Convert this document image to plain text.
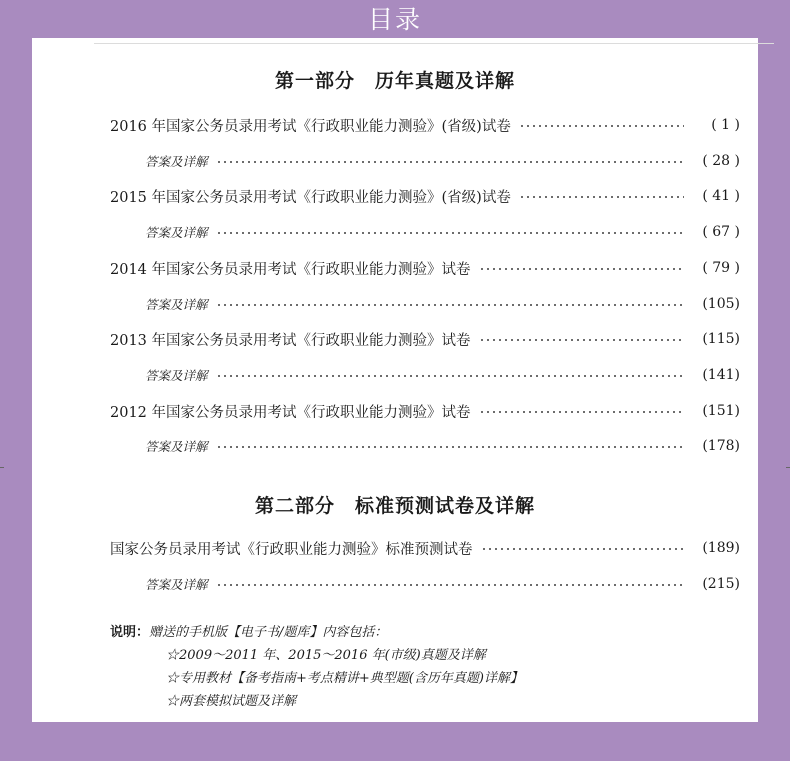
目录
第一部分　历年真题及详解
2016 年国家公务员录用考试《行政职业能力测验》(省级)试卷	( 1 )
答案及详解	( 28 )
2015 年国家公务员录用考试《行政职业能力测验》(省级)试卷	( 41 )
答案及详解	( 67 )
2014 年国家公务员录用考试《行政职业能力测验》试卷	( 79 )
答案及详解	(105)
2013 年国家公务员录用考试《行政职业能力测验》试卷	(115)
答案及详解	(141)
2012 年国家公务员录用考试《行政职业能力测验》试卷	(151)
答案及详解	(178)
第二部分　标准预测试卷及详解
国家公务员录用考试《行政职业能力测验》标准预测试卷	(189)
答案及详解	(215)
说明：赠送的手机版【电子书/题库】内容包括：
☆2009～2011 年、2015～2016 年(市级)真题及详解
☆专用教材【备考指南+考点精讲+典型题(含历年真题)详解】
☆两套模拟试题及详解
